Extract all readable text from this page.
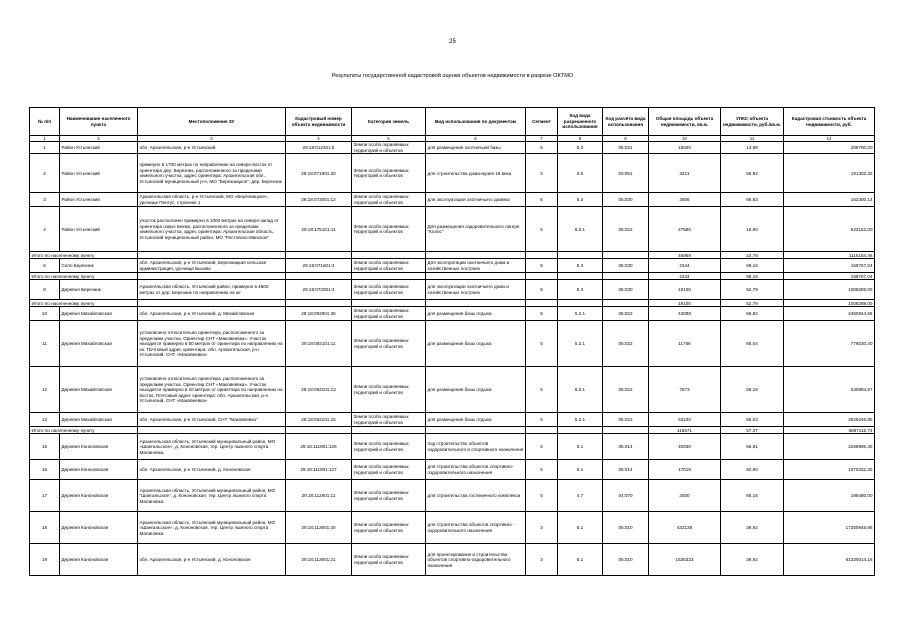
25
Результаты государственной кадастровой оценки объектов недвижимости в разрезе ОКТМО
№ п/п	Наименование населенного пункта	Местоположение ЗУ	Кадастровый номер объекта недвижимости	Категория земель	Вид использования по документам	Сегмент	Код вида разрешенного использования	Код расчёта вида использования	Общая площадь объекта недвижимости, кв.м.	УПКС объекта недвижимости, руб./кв.м.	Кадастровая стоимость объекта недвижимости, руб.
1	2	3	4	5	6	7	8	9	10	11	12
1	Район Устьянский	обл. Архангельская, р-н Устьянский	29:18:012401:5	Земли особо охраняемых территорий и объектов	для размещения охотничьей базы	6	5.3	05:031	15000	13,98	209700,00
2	Район Устьянский	примерно в 1700 метрах по направлению на северо-восток от ориентира дер. Березник, расположенного за пределами земельного участка, адрес ориентира: Архангельская обл., Устьянский муниципальный р-н, МО "Березницкое", дер. Березник	29:18:071901:20	Земли особо охраняемых территорий и объектов	для строительства дома-музея 19 века	3	3.6	03:061	3421	55,92	191302,32
3	Район Устьянский	Архангельская область, р-н Устьянский, МО «Березницкое», урочище Пентус, строение 1	29:18:072001:12	Земли особо охраняемых территорий и объектов	для эксплуатации охотничьего домика	5	5.3	05:030	2856	56,83	162300,14
4	Район Устьянский	участок расположен примерно в 1000 метрах на северо-запад от ориентира озеро Бехмо, расположенного за пределами земельного участка, адрес ориентира: Архангельская область, Устьянский муниципальный район, МО "Ростовско-Минское"	29:18:175101:11	Земли особо охраняемых территорий и объектов	Для размещения оздоровительного лагеря "Колос"	5	5.2.1	05:022	27580	18,90	523152,00
Итого по населенному пункту									45959	22,78	1115154,46
6	Село Березник	обл. Архангельская, р-н Устьянский, Березницкая сельская администрация, урочище Бызово	29:18:071601:4	Земли особо охраняемых территорий и объектов	Для эксплуатации охотничьего дома и хозяйственных построек	5	5.3	05:030	2344	68,16	159767,04
Итого по населенному пункту									2344	68,16	159767,04
8	Деревня Березник	Архангельская область, Устьянский район, примерно в 4500 метрах от дер. Березник по направлению на юг	29:18:072001:4	Земли особо охраняемых территорий и объектов	для эксплуатации охотничьего дома и хозяйственных построек	5	5.3	05:030	19100	52,79	1008289,00
Итого по населенному пункту									19100	52,79	1008289,00
10	Деревня Михайловская	обл. Архангельская, р-н Устьянский, д. Михайловская	29:18:092901:36	Земли особо охраняемых территорий и объектов	для размещения базы отдыха	5	5.2.1	05:022	43088	56,82	2450944,56
11	Деревня Михайловская	установлено относительно ориентира, расположенного за пределами участка. Ориентир СНТ «Маковеевка». Участок находится примерно в 50 метрах от ориентира по направлению на юг. Почтовый адрес ориентира: обл. Архангельская, р-н Устьянский, СНТ «Маковеевка»	29:18:092101:11	Земли особо охраняемых территорий и объектов	для размещения базы отдыха	5	5.2.1	05:022	11766	66,04	776030,40
12	Деревня Михайловская	установлено относительно ориентира, расположенного за пределами участка. Ориентир СНТ «Маковеевка». Участок находится примерно в 10 метрах от ориентира по направлению на восток. Почтовый адрес ориентира: обл. Архангельская, р-н Устьянский, СНТ «Маковеевка»	29:18:092101:13	Земли особо охраняемых территорий и объектов	для размещения базы отдыха	5	5.2.1	05:022	7673	69,19	530894,87
13	Деревня Михайловская	обл. Архангельская, р-н Устьянский, СНТ "Маковеевка"	29:18:092101:15	Земли особо охраняемых территорий и объектов	для размещения базы отдыха	5	5.2.1	05:022	53230	55,03	2929246,90
Итого по населенному пункту									116571	57,37	6687116,73
15	Деревня Кононовская	Архангельская область, Устьянский муниципальный район, МО «Шангальское», д. Кононовская, тер. Центр лыжного спорта Малиновка	29:18:111801:126	Земли особо охраняемых территорий и объектов	под строительство объектов оздоровительного и спортивного назначения	5	5.1	05:014	40030	56,81	2268996,30
16	Деревня Кононовская	обл. Архангельская, р-н Устьянский, д. Кононовская	29:18:111801:127	Земли особо охраняемых территорий и объектов	для строительства объектов спортивно-оздоровительного назначения	5	5.1	05:014	17018	62,90	1070432,20
17	Деревня Кононовская	Архангельская область, Устьянский муниципальный район, МО "Шангальское", д. Кононовская, тер. Центр лыжного спорта Малиновка	29:18:112601:11	Земли особо охраняемых территорий и объектов	для строительства гостиничного комплекса	5	4.7	04:070	3000	66,16	198480,00
18	Деревня Кононовская	Архангельская область, Устьянский муниципальный район, МО «Шангальское», д. Кононовская, тер. Центр лыжного спорта Малиновка	29:18:112601:20	Земли особо охраняемых территорий и объектов	для строительства объектов спортивно - оздоровительного назначения	3	5.1	05:010	432138	39,92	17250948,96
19	Деревня Кононовская	обл. Архангельская, р-н Устьянский, д. Кононовская	29:18:112601:21	Земли особо охраняемых территорий и объектов	для проектирования и строительства объектов спортивно-оздоровительного назначения	3	5.1	05:010	1536323	39,92	61330014,16
